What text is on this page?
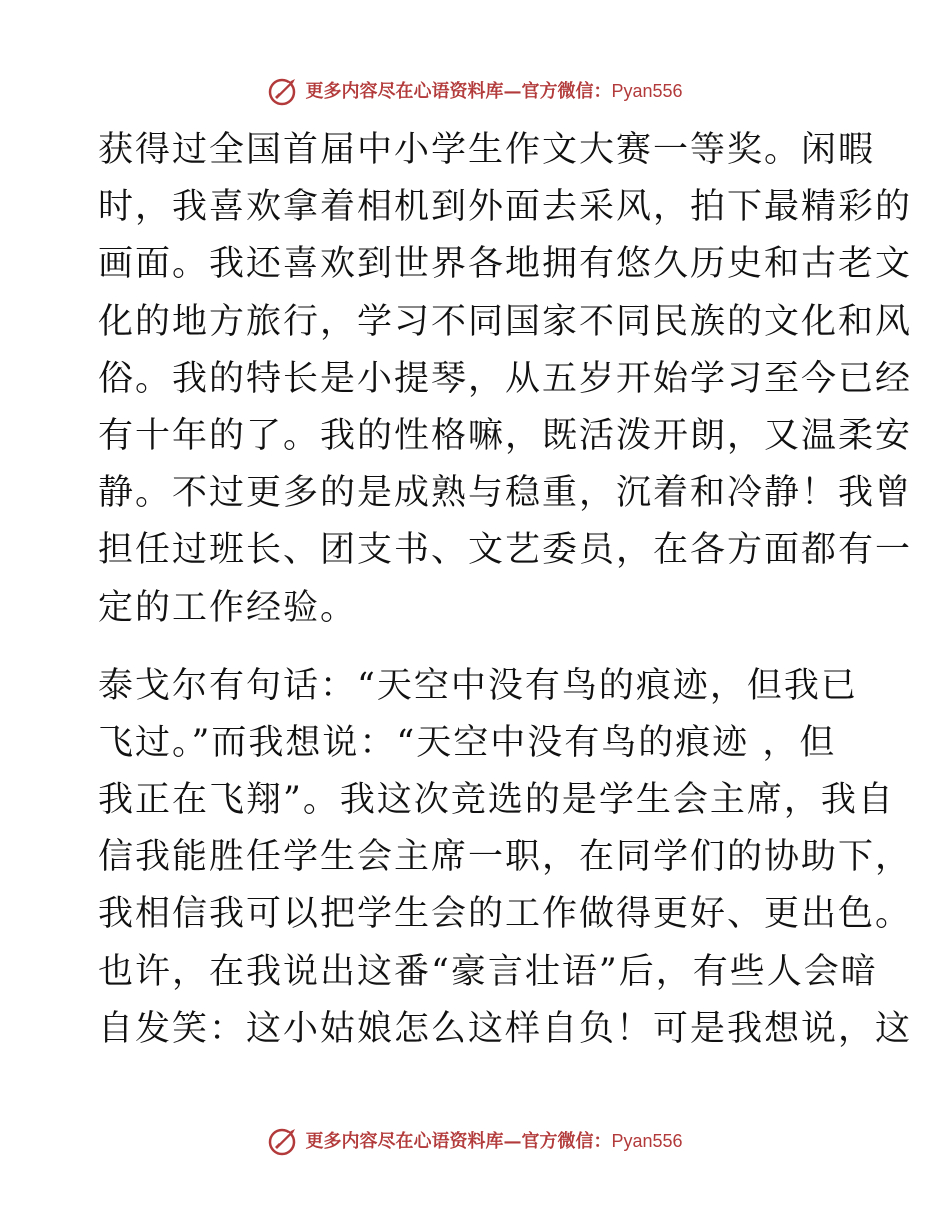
更多内容尽在心语资料库—官方微信：Pyan556
获得过全国首届中小学生作文大赛一等奖。闲暇
时，我喜欢拿着相机到外面去采风，拍下最精彩的
画面。我还喜欢到世界各地拥有悠久历史和古老文
化的地方旅行，学习不同国家不同民族的文化和风
俗。我的特长是小提琴，从五岁开始学习至今已经
有十年的了。我的性格嘛，既活泼开朗，又温柔安
静。不过更多的是成熟与稳重，沉着和冷静！我曾
担任过班长、团支书、文艺委员，在各方面都有一
定的工作经验。
泰戈尔有句话：“天空中没有鸟的痕迹，但我已
飞过。”而我想说：“天空中没有鸟的痕迹 ，但
我正在飞翔”。我这次竞选的是学生会主席，我自
信我能胜任学生会主席一职，在同学们的协助下，
我相信我可以把学生会的工作做得更好、更出色。
也许，在我说出这番“豪言壮语”后，有些人会暗
自发笑：这小姑娘怎么这样自负！可是我想说，这
更多内容尽在心语资料库—官方微信：Pyan556
